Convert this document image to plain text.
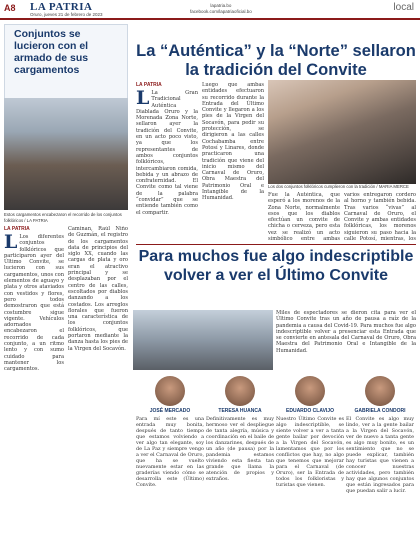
A8 LA PATRIA
Oruro, jueves 21 de febrero de 2023
lapatria.bo
facebook.com/lapatriaoficial.bo	local
Conjuntos se lucieron con el armado de sus cargamentos
Estos cargamentos encabezaron el recorrido de los conjuntos folklóricos / LA PATRIA
LA PATRIA
L Los diferentes conjuntos folklóricos que participaron ayer del Último Convite, se lucieron con sus cargamentos, unos con elementos de aguayo y plata y otros ataviados con vestidos y flores, pero todos demostraron que está costumbre sigue vigente. Vehículos adornados encabezaron el recorrido de cada conjunto, a un ritmo lento y con sumo cuidado para mantener los cargamentos.
Caminan, Raúl Niño de Guzmán, el registro de los cargamentos data de principios del siglo XX, cuando las cargas de plata y oro eran el atractivo principal y se desplazaban por el centro de las calles, escoltados por diablos danzando a los costados. Los arreglos florales que fueron una característica de los conjuntos folklóricos, que portaron mediante la danza hasta los pies de la Virgen del Socavón.
La “Auténtica” y la “Norte” sellaron la tradición del Convite
LA PATRIA
L La Gran Tradicional Auténtica Diablada Oruro y la Morenada Zona Norte, sellaron ayer la tradición del Convite, en un acto poco visto, ya que los representantes de ambos conjuntos folklóricos, intercambiaron comida, bebida y un abrazo de confraternidad. El Convite como tal viene de la palabra “convidar” que se entiende también como el compartir.
Luego que ambas entidades efectuaron su recorrido durante la Entrada del Último Convite y llegaron a los pies de la Virgen del Socavón, para pedir su protección, se dirigieron a las calles Cochabamba entre Potosí y Linares, donde practicaron una tradición que viene del inicio mismo del Carnaval de Oruro, Obra Maestra del Patrimonio Oral e Intangible de la Humanidad.
Los dos conjuntos folklóricos cumplieron con la tradición / MARIA MERCE
Fue la Auténtica, que esperó a los morenos de la Zona Norte, normalmente esos que los diablos efectúan un convite de chicha o cerveza, pero esta vez se realizó un acto simbólico entre ambas
varios entregaron cordero al horno y también bebida. Tras varios “vivas” al Carnaval de Oruro, el Convite y ambas entidades folklóricas, los morenos siguieron su paso hacia la calle Potosí, mientras, los
Para muchos fue algo indescriptible volver a ver el Último Convite
Miles de espectadores se dieron cita para ver el Último Convite tras un año de pausa a raíz de la pandemia a causa del Covid-19. Para muchos fue algo indescriptible volver a presenciar esta Entrada que se convierte en antesala del Carnaval de Oruro, Obra Maestra del Patrimonio Oral e Intangible de la Humanidad.
JOSÉ MERCADO
Para mí este es una entrada muy bonita, después de tanto tiempo que estamos volviendo a ver algo tan elegante, soy de La Paz y siempre vengo a ver el Carnaval de Oruro, que ha se vuelto nuevamente estar en las graderías viendo cómo se desarrolla este (Último) Convite.
TERESA HUANCA
Definitivamente es muy hermoso ver el despliegue de tanta alegría, música y coordinación en el baile de los danzarines, después de un año (de pausa) por la pandemia estamos viviendo esta fiesta tan grande que llama la atención de propios y extraños.
EDUARDO CLAVIJO
Nuestro Último Convite es algo indescriptible, se siente volver a ver a tanta gente bailar por devoción a la Virgen del Socavón, lamentamos que por los conflictos que hay, no algo que tenemos que mejorar para el Carnaval (de Oruro), ser la Entrada de todos los folkloristas y turistas que vienen.
GABRIELA CONDORI
El Convite es algo muy lindo, ver a la gente bailar a la Virgen del Socavón, ver de nuevo a tanta gente es algo muy bonito, es un sentimiento que no se puede explicar, también hay turistas que vienen a conocer nuestras actividades, pero también hay que algunos conjuntos que están ingresados para que puedan salir a lucir.
